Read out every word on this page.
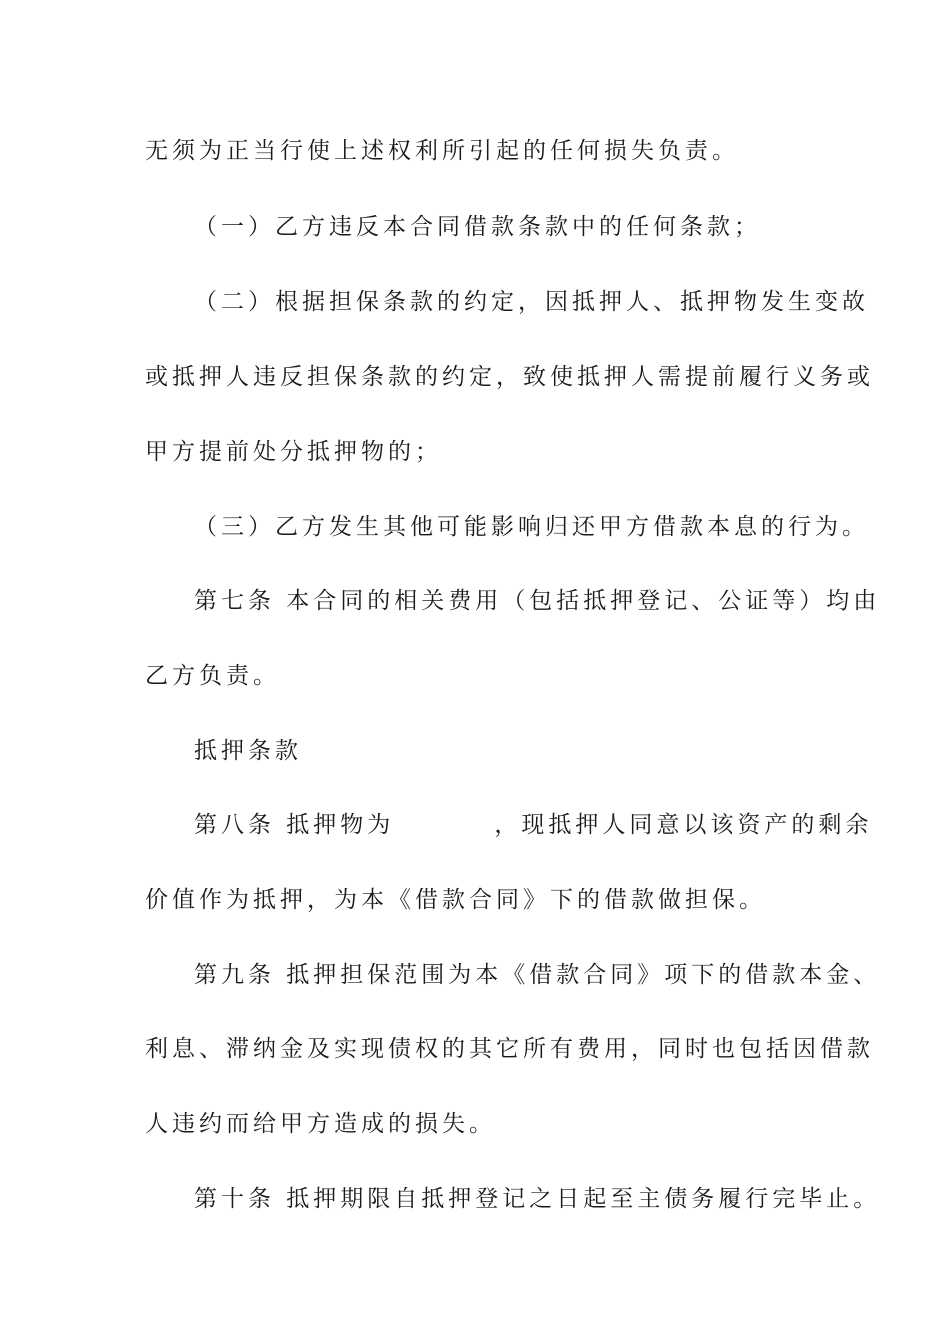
无须为正当行使上述权利所引起的任何损失负责。
（一）乙方违反本合同借款条款中的任何条款；
（二）根据担保条款的约定，因抵押人、抵押物发生变故
或抵押人违反担保条款的约定，致使抵押人需提前履行义务或
甲方提前处分抵押物的；
（三）乙方发生其他可能影响归还甲方借款本息的行为。
第七条 本合同的相关费用（包括抵押登记、公证等）均由
乙方负责。
抵押条款
第八条 抵押物为	，现抵押人同意以该资产的剩余
价值作为抵押，为本《借款合同》下的借款做担保。
第九条 抵押担保范围为本《借款合同》项下的借款本金、
利息、滞纳金及实现债权的其它所有费用，同时也包括因借款
人违约而给甲方造成的损失。
第十条 抵押期限自抵押登记之日起至主债务履行完毕止。
